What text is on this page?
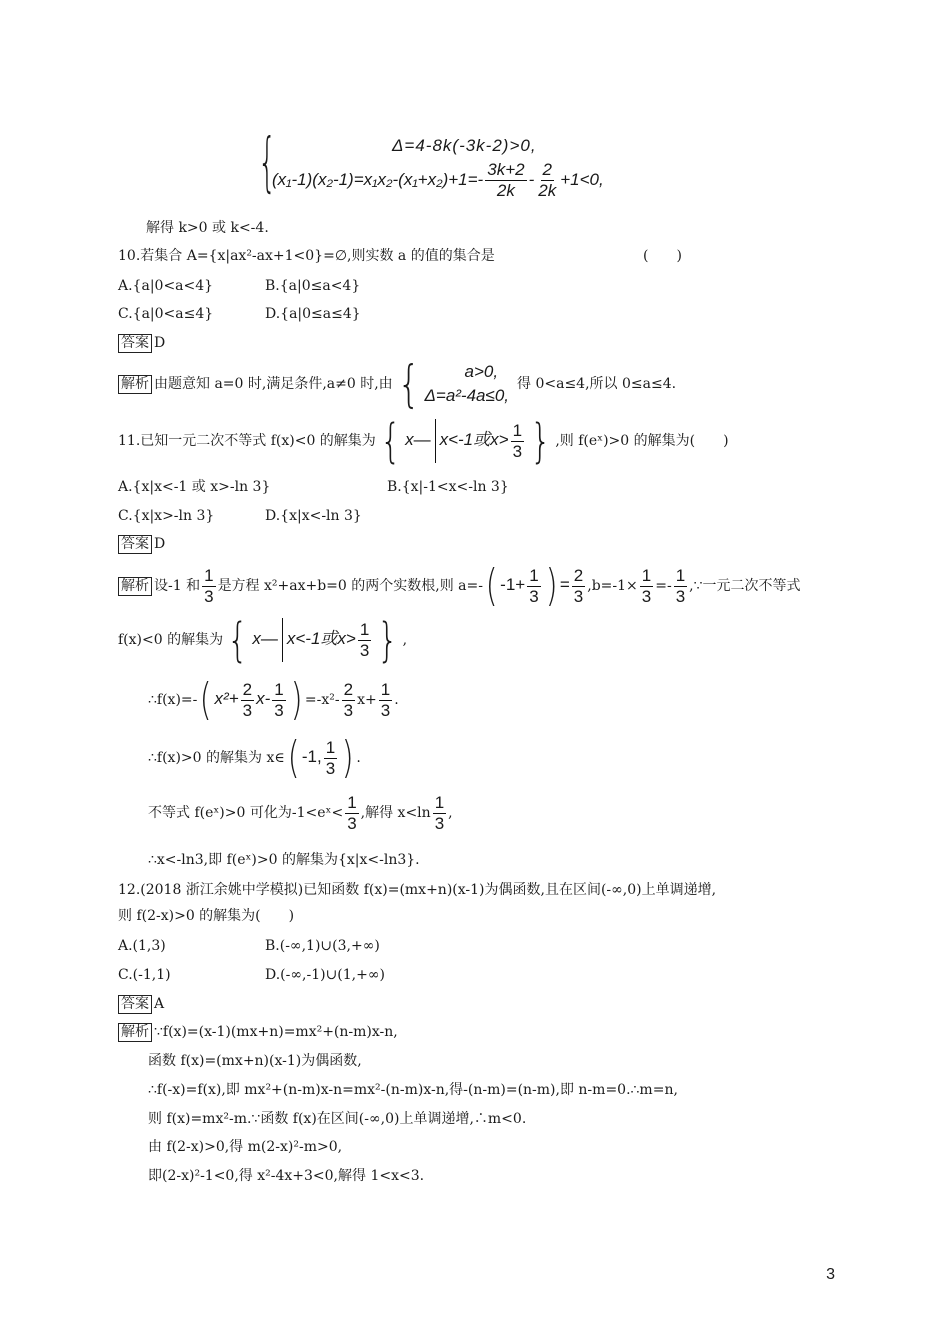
{	Δ=4-8k(-3k-2)>0,
$(x_1-1)(x_2-1)=x_1x_2-(x_1+x_2)+1=- \frac{3k+2}{2k} - \frac{2}{2k} +1<0$,
解得 k>0 或 k<-4.
10.若集合 A={x|ax²-ax+1<0}=∅,则实数 a 的值的集合是	(　　)
A.{a|0<a<4}	B.{a|0≤a<4}
C.{a|0<a≤4}	D.{a|0≤a≤4}
答案 D
解析 由题意知 a=0 时,满足条件,a≠0 时,由{	a>0,
Δ=a²-4a≤0,
得 0<a≤4,所以 0≤a≤4.
11.已知一元二次不等式 f(x)<0 的解集为{ x— x<-1或$x> \frac{1}{3}$ } ,则 f(eˣ)>0 的解集为(　　)
A.{x|x<-1 或 x>-ln 3}	B.{x|-1<x<-ln 3}
C.{x|x>-ln 3}	D.{x|x<-ln 3}
答案 D
解析 设-1 和 $\frac{1}{3}$ 是方程 x²+ax+b=0 的两个实数根,则 a=-( $-1+ \frac{1}{3}$ ) = $\frac{2}{3} ,b=-1\times \frac{1}{3} =- \frac{1}{3}$ ,∵一元二次不等式
f(x)<0 的解集为{ x— x<-1或$x> \frac{1}{3}$ } ,
∴f(x)=-( $x^2+ \frac{2}{3} x- \frac{1}{3}$ ) $=-x^2- \frac{2}{3} x+ \frac{1}{3}$ .
∴f(x)>0 的解集为 x∈( -1, $\frac{1}{3}$ ) .
不等式 f(eˣ)>0 可化为-1<eˣ< $\frac{1}{3}$ ,解得 $x<\ln \frac{1}{3}$ ,
∴x<-ln3,即 f(eˣ)>0 的解集为{x|x<-ln3}.
12.(2018 浙江余姚中学模拟)已知函数 f(x)=(mx+n)(x-1)为偶函数,且在区间(-∞,0)上单调递增,
则 f(2-x)>0 的解集为(　　)
A.(1,3)	B.(-∞,1)∪(3,+∞)
C.(-1,1)	D.(-∞,-1)∪(1,+∞)
答案 A
解析 ∵f(x)=(x-1)(mx+n)=mx²+(n-m)x-n,
函数 f(x)=(mx+n)(x-1)为偶函数,
∴f(-x)=f(x),即 mx²+(n-m)x-n=mx²-(n-m)x-n,得-(n-m)=(n-m),即 n-m=0.∴m=n,
则 f(x)=mx²-m.∵函数 f(x)在区间(-∞,0)上单调递增,∴m<0.
由 f(2-x)>0,得 m(2-x)²-m>0,
即(2-x)²-1<0,得 x²-4x+3<0,解得 1<x<3.
3
